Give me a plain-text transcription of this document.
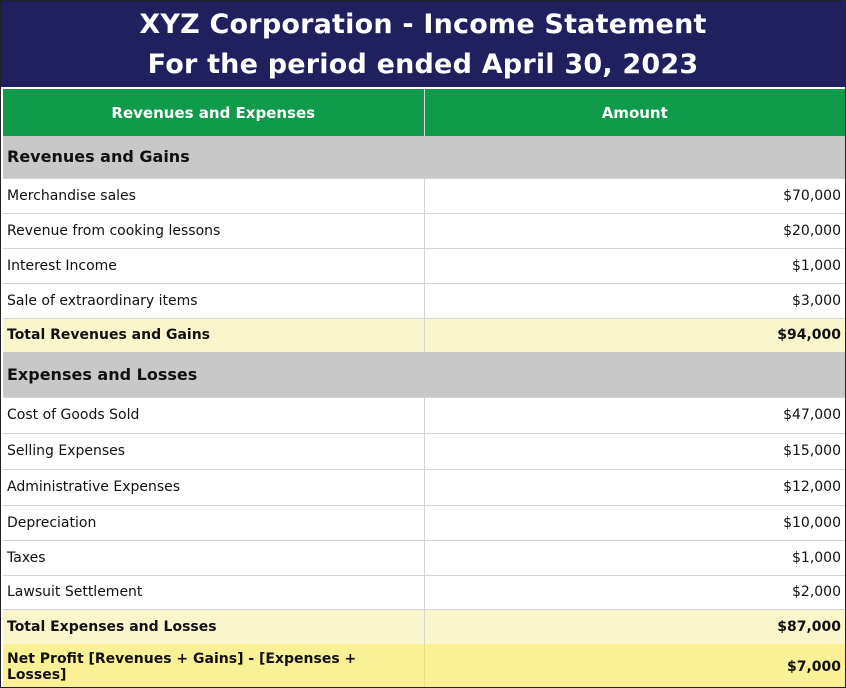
XYZ Corporation - Income Statement
For the period ended April 30, 2023
Revenues and Expenses	Amount
Revenues and Gains	
Merchandise sales	$70,000
Revenue from cooking lessons	$20,000
Interest Income	$1,000
Sale of extraordinary items	$3,000
Total Revenues and Gains	$94,000
Expenses and Losses	
Cost of Goods Sold	$47,000
Selling Expenses	$15,000
Administrative Expenses	$12,000
Depreciation	$10,000
Taxes	$1,000
Lawsuit Settlement	$2,000
Total Expenses and Losses	$87,000
Net Profit [Revenues + Gains] - [Expenses + Losses]	$7,000
